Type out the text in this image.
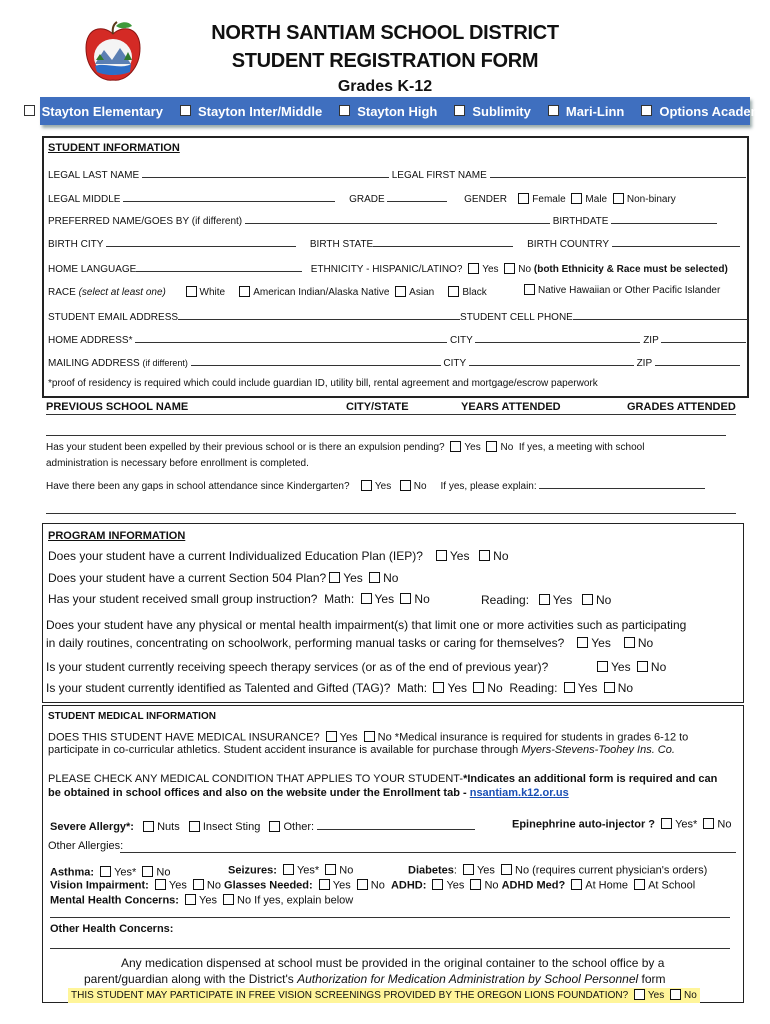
NORTH SANTIAM SCHOOL DISTRICT
STUDENT REGISTRATION FORM
Grades K-12
Stayton Elementary	Stayton Inter/Middle	Stayton High	Sublimity	Mari-Linn	Options Academy
STUDENT INFORMATION
LEGAL LAST NAME	LEGAL FIRST NAME
LEGAL MIDDLE	GRADE	GENDER	Female Male Non-binary
PREFERRED NAME/GOES BY (if different)	BIRTHDATE
BIRTH CITY	BIRTH STATE	BIRTH COUNTRY
HOME LANGUAGE	ETHNICITY - HISPANIC/LATINO? Yes No (both Ethnicity & Race must be selected)
RACE (select at least one)	White	American Indian/Alaska Native Asian	Black	Native Hawaiian or Other Pacific Islander
STUDENT EMAIL ADDRESS	STUDENT CELL PHONE
HOME ADDRESS*	CITY	ZIP
MAILING ADDRESS (if different)	CITY	ZIP
*proof of residency is required which could include guardian ID, utility bill, rental agreement and mortgage/escrow paperwork
PREVIOUS SCHOOL NAME	CITY/STATE	YEARS ATTENDED	GRADES ATTENDED
Has your student been expelled by their previous school or is there an expulsion pending? Yes No If yes, a meeting with school
administration is necessary before enrollment is completed.
Have there been any gaps in school attendance since Kindergarten?	Yes No If yes, please explain:
PROGRAM INFORMATION
Does your student have a current Individualized Education Plan (IEP)? Yes No
Does your student have a current Section 504 Plan? Yes No
Has your student received small group instruction? Math: Yes No	Reading: Yes No
Does your student have any physical or mental health impairment(s) that limit one or more activities such as participating
in daily routines, concentrating on schoolwork, performing manual tasks or caring for themselves? Yes No
Is your student currently receiving speech therapy services (or as of the end of previous year)?	Yes No
Is your student currently identified as Talented and Gifted (TAG)? Math: Yes No Reading: Yes No
STUDENT MEDICAL INFORMATION
DOES THIS STUDENT HAVE MEDICAL INSURANCE? Yes No *Medical insurance is required for students in grades 6-12 to
participate in co-curricular athletics. Student accident insurance is available for purchase through Myers-Stevens-Toohey Ins. Co.
PLEASE CHECK ANY MEDICAL CONDITION THAT APPLIES TO YOUR STUDENT-*Indicates an additional form is required and can
be obtained in school offices and also on the website under the Enrollment tab - nsantiam.k12.or.us
Severe Allergy*: Nuts Insect Sting Other:	Epinephrine auto-injector ? Yes* No
Other Allergies:
Asthma: Yes* No	Seizures: Yes* No	Diabetes: Yes No (requires current physician's orders)
Vision Impairment: Yes No Glasses Needed: Yes No ADHD: Yes No ADHD Med? At Home At School
Mental Health Concerns: Yes No If yes, explain below
Other Health Concerns:
Any medication dispensed at school must be provided in the original container to the school office by a
parent/guardian along with the District's Authorization for Medication Administration by School Personnel form
THIS STUDENT MAY PARTICIPATE IN FREE VISION SCREENINGS PROVIDED BY THE OREGON LIONS FOUNDATION? Yes No
